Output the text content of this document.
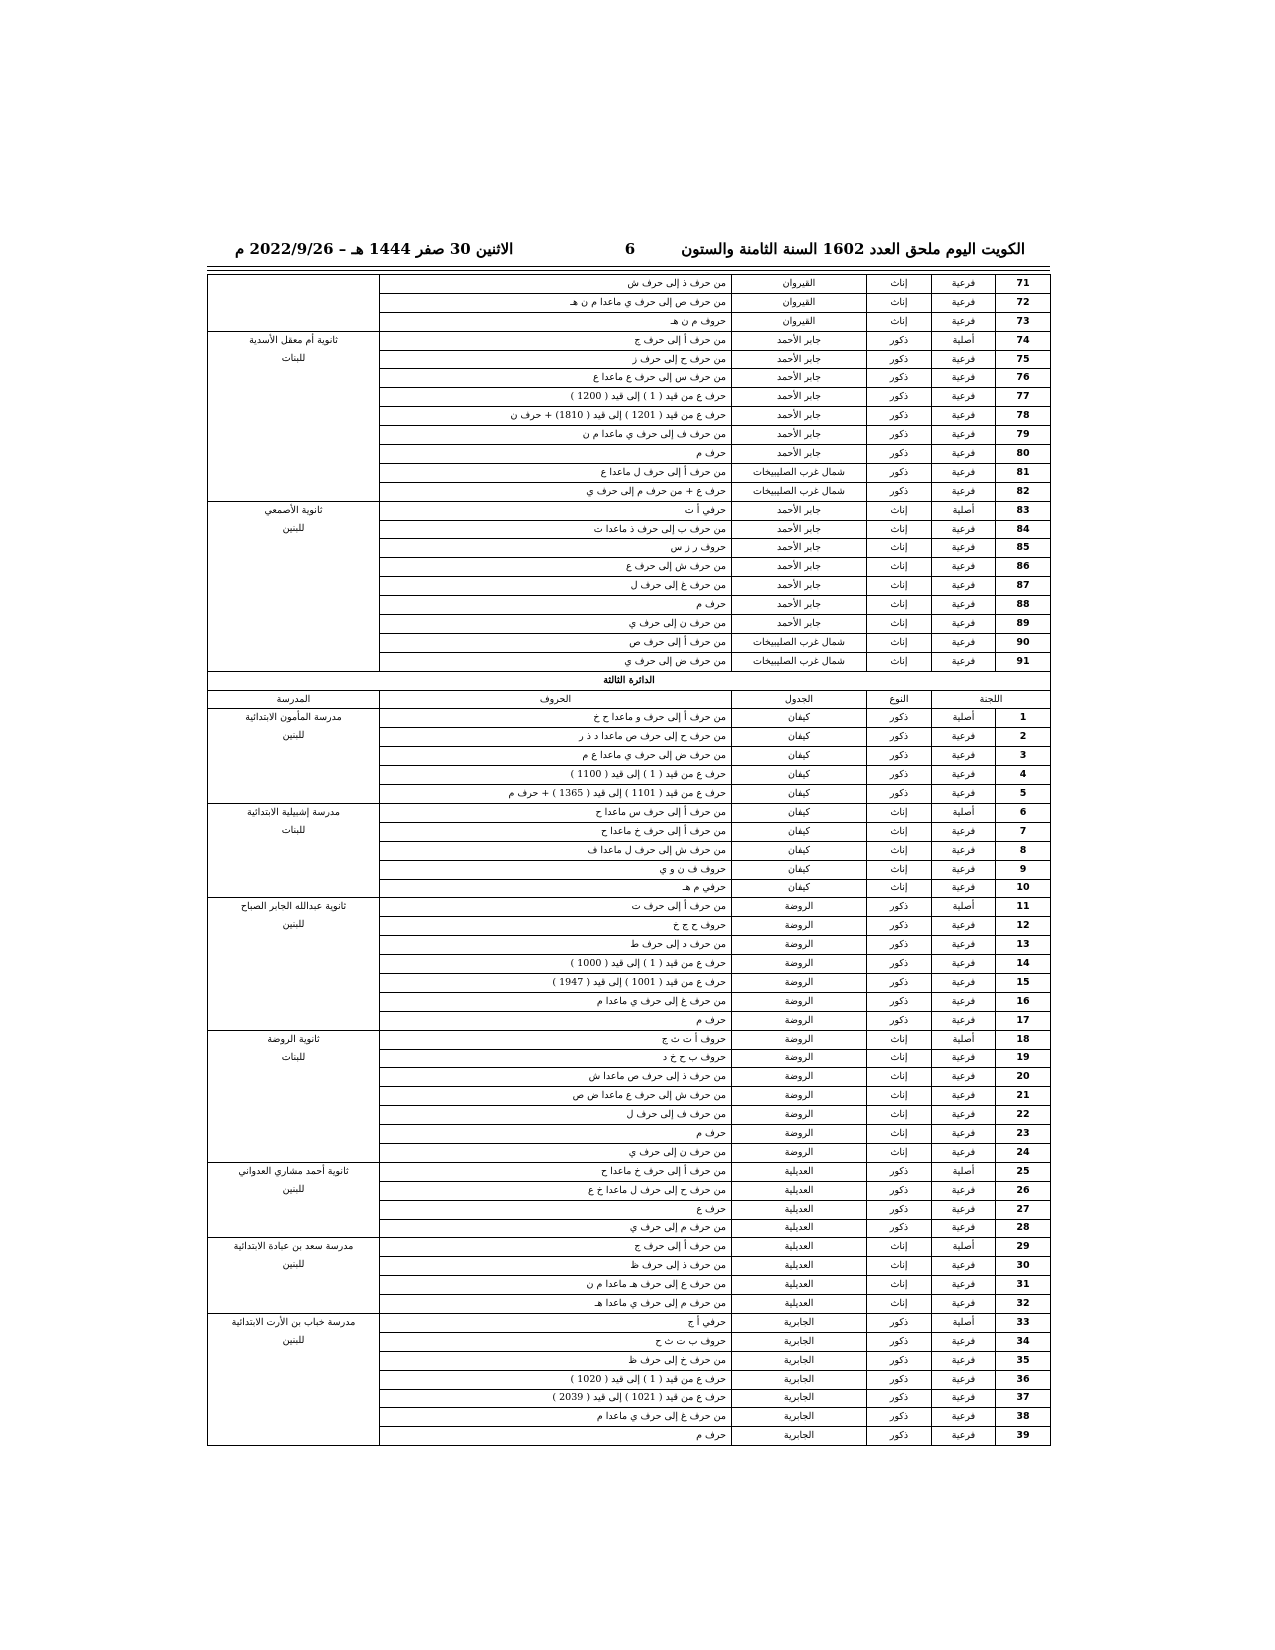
الكويت اليوم ملحق العدد 1602 السنة الثامنة والستون
6
الاثنين 30 صفر 1444 هـ – 2022/9/26 م
71	فرعية	إناث	القيروان	من حرف ذ إلى حرف ش	

72	فرعية	إناث	القيروان	من حرف ص إلى حرف ي ماعدا م ن هـ	
73	فرعية	إناث	القيروان	حروف م ن هـ	
74	أصلية	ذكور	جابر الأحمد	من حرف أ إلى حرف ج	ثانوية أم معقل الأسدية
للبنات

75	فرعية	ذكور	جابر الأحمد	من حرف ح إلى حرف ز	
76	فرعية	ذكور	جابر الأحمد	من حرف س إلى حرف ع ماعدا ع	
77	فرعية	ذكور	جابر الأحمد	حرف ع من قيد ( 1 ) إلى قيد ( 1200 )	
78	فرعية	ذكور	جابر الأحمد	حرف ع من قيد ( 1201 ) إلى قيد ( 1810) + حرف ن	
79	فرعية	ذكور	جابر الأحمد	من حرف ف إلى حرف ي ماعدا م ن	
80	فرعية	ذكور	جابر الأحمد	حرف م	
81	فرعية	ذكور	شمال غرب الصليبيخات	من حرف أ إلى حرف ل ماعدا ع	
82	فرعية	ذكور	شمال غرب الصليبيخات	حرف ع + من حرف م إلى حرف ي	
83	أصلية	إناث	جابر الأحمد	حرفي أ ت	ثانوية الأصمعي
للبنين

84	فرعية	إناث	جابر الأحمد	من حرف ب إلى حرف ذ ماعدا ت	
85	فرعية	إناث	جابر الأحمد	حروف ر ز س	
86	فرعية	إناث	جابر الأحمد	من حرف ش إلى حرف ع	
87	فرعية	إناث	جابر الأحمد	من حرف غ إلى حرف ل	
88	فرعية	إناث	جابر الأحمد	حرف م	
89	فرعية	إناث	جابر الأحمد	من حرف ن إلى حرف ي	
90	فرعية	إناث	شمال غرب الصليبيخات	من حرف أ إلى حرف ص	
91	فرعية	إناث	شمال غرب الصليبيخات	من حرف ض إلى حرف ي	
الدائرة الثالثة					
اللجنة		النوع	الجدول	الحروف	المدرسة
1	أصلية	ذكور	كيفان	من حرف أ إلى حرف و ماعدا ح خ	مدرسة المأمون الابتدائية
للبنين

2	فرعية	ذكور	كيفان	من حرف ح إلى حرف ص ماعدا د ذ ر	
3	فرعية	ذكور	كيفان	من حرف ض إلى حرف ي ماعدا ع م	
4	فرعية	ذكور	كيفان	حرف ع من قيد ( 1 ) إلى قيد ( 1100 )	
5	فرعية	ذكور	كيفان	حرف ع من قيد ( 1101 ) إلى قيد ( 1365 ) + حرف م	
6	أصلية	إناث	كيفان	من حرف أ إلى حرف س ماعدا ح	مدرسة إشبيلية الابتدائية
للبنات

7	فرعية	إناث	كيفان	من حرف أ إلى حرف خ ماعدا ح	
8	فرعية	إناث	كيفان	من حرف ش إلى حرف ل ماعدا ف	
9	فرعية	إناث	كيفان	حروف ف ن و ي	
10	فرعية	إناث	كيفان	حرفي م هـ	
11	أصلية	ذكور	الروضة	من حرف أ إلى حرف ت	ثانوية عبدالله الجابر الصباح
للبنين

12	فرعية	ذكور	الروضة	حروف ح ج خ	
13	فرعية	ذكور	الروضة	من حرف د إلى حرف ط	
14	فرعية	ذكور	الروضة	حرف ع من قيد ( 1 ) إلى قيد ( 1000 )	
15	فرعية	ذكور	الروضة	حرف ع من قيد ( 1001 ) إلى قيد ( 1947 )	
16	فرعية	ذكور	الروضة	من حرف غ إلى حرف ي ماعدا م	
17	فرعية	ذكور	الروضة	حرف م	
18	أصلية	إناث	الروضة	حروف أ ت ث ج	ثانوية الروضة
للبنات

19	فرعية	إناث	الروضة	حروف ب ح خ د	
20	فرعية	إناث	الروضة	من حرف ذ إلى حرف ص ماعدا ش	
21	فرعية	إناث	الروضة	من حرف ش إلى حرف ع ماعدا ض ص	
22	فرعية	إناث	الروضة	من حرف ف إلى حرف ل	
23	فرعية	إناث	الروضة	حرف م	
24	فرعية	إناث	الروضة	من حرف ن إلى حرف ي	
25	أصلية	ذكور	العديلية	من حرف أ إلى حرف خ ماعدا ح	ثانوية أحمد مشاري العدواني
للبنين

26	فرعية	ذكور	العديلية	من حرف ح إلى حرف ل ماعدا خ ع	
27	فرعية	ذكور	العديلية	حرف ع	
28	فرعية	ذكور	العديلية	من حرف م إلى حرف ي	
29	أصلية	إناث	العديلية	من حرف أ إلى حرف ج	مدرسة سعد بن عبادة الابتدائية
للبنين

30	فرعية	إناث	العديلية	من حرف ذ إلى حرف ظ	
31	فرعية	إناث	العديلية	من حرف ع إلى حرف هـ ماعدا م ن	
32	فرعية	إناث	العديلية	من حرف م إلى حرف ي ماعدا هـ	
33	أصلية	ذكور	الجابرية	حرفي أ ج	مدرسة خباب بن الأرت الابتدائية
للبنين

34	فرعية	ذكور	الجابرية	حروف ب ت ث ح	
35	فرعية	ذكور	الجابرية	من حرف خ إلى حرف ظ	
36	فرعية	ذكور	الجابرية	حرف ع من قيد ( 1 ) إلى قيد ( 1020 )	
37	فرعية	ذكور	الجابرية	حرف ع من قيد ( 1021 ) إلى قيد ( 2039 )	
38	فرعية	ذكور	الجابرية	من حرف غ إلى حرف ي ماعدا م	
39	فرعية	ذكور	الجابرية	حرف م	
